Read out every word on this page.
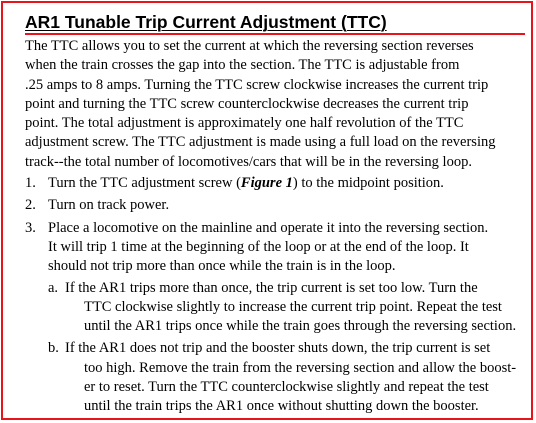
AR1 Tunable Trip Current Adjustment (TTC)

The TTC allows you to set the current at which the reversing section reverses

when the train crosses the gap into the section. The TTC is adjustable from

.25 amps to 8 amps. Turning the TTC screw clockwise increases the current trip

point and turning the TTC screw counterclockwise decreases the current trip

point. The total adjustment is approximately one half revolution of the TTC

adjustment screw. The TTC adjustment is made using a full load on the reversing

track--the total number of locomotives/cars that will be in the reversing loop.

1. Turn the TTC adjustment screw (Figure 1) to the midpoint position.

2. Turn on track power.

3. Place a locomotive on the mainline and operate it into the reversing section.

It will trip 1 time at the beginning of the loop or at the end of the loop. It

should not trip more than once while the train is in the loop.

a. If the AR1 trips more than once, the trip current is set too low. Turn the

TTC clockwise slightly to increase the current trip point. Repeat the test

until the AR1 trips once while the train goes through the reversing section.

b. If the AR1 does not trip and the booster shuts down, the trip current is set

too high. Remove the train from the reversing section and allow the boost-

er to reset. Turn the TTC counterclockwise slightly and repeat the test

until the train trips the AR1 once without shutting down the booster.
